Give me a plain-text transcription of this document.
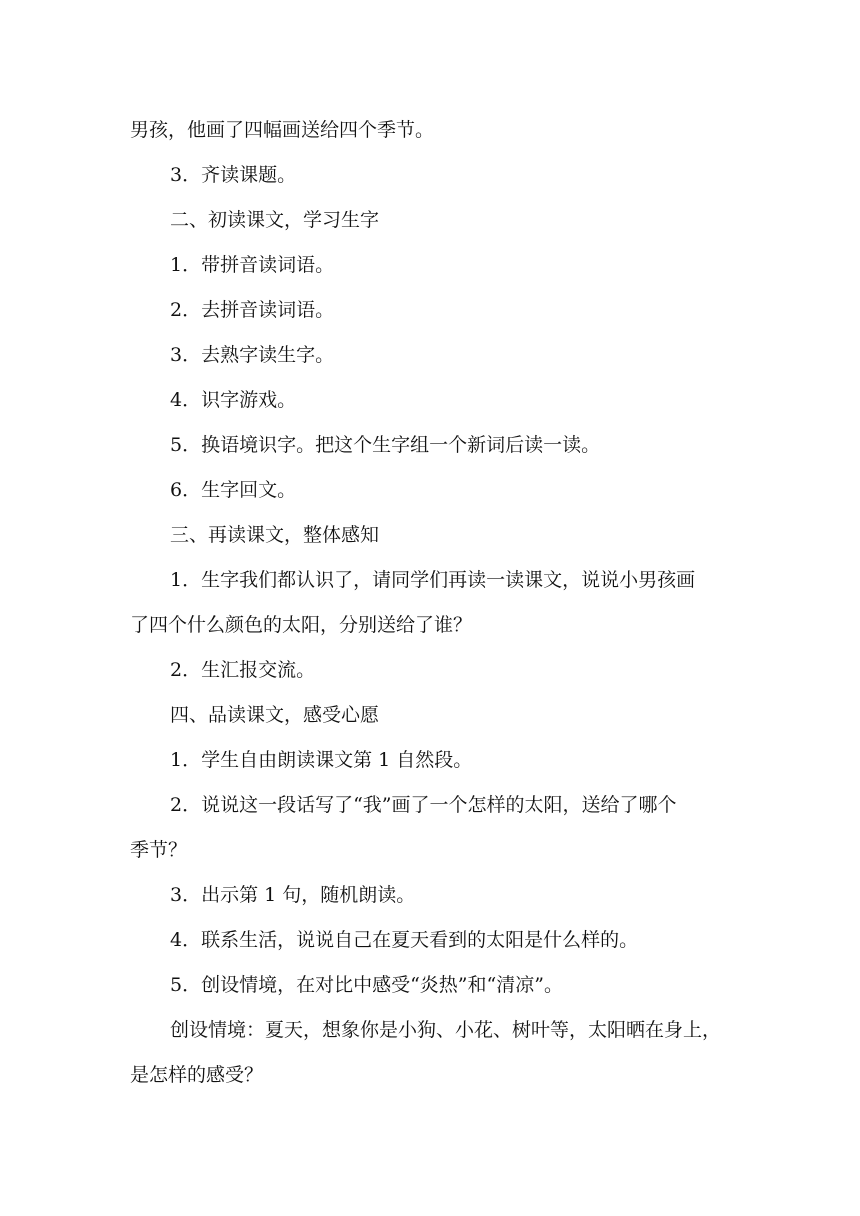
男孩，他画了四幅画送给四个季节。
3．齐读课题。
二、初读课文，学习生字
1．带拼音读词语。
2．去拼音读词语。
3．去熟字读生字。
4．识字游戏。
5．换语境识字。把这个生字组一个新词后读一读。
6．生字回文。
三、再读课文，整体感知
1．生字我们都认识了，请同学们再读一读课文，说说小男孩画
了四个什么颜色的太阳，分别送给了谁？
2．生汇报交流。
四、品读课文，感受心愿
1．学生自由朗读课文第 1 自然段。
2．说说这一段话写了“我”画了一个怎样的太阳，送给了哪个
季节？
3．出示第 1 句，随机朗读。
4．联系生活，说说自己在夏天看到的太阳是什么样的。
5．创设情境，在对比中感受“炎热”和“清凉”。
创设情境：夏天，想象你是小狗、小花、树叶等，太阳晒在身上，
是怎样的感受？
